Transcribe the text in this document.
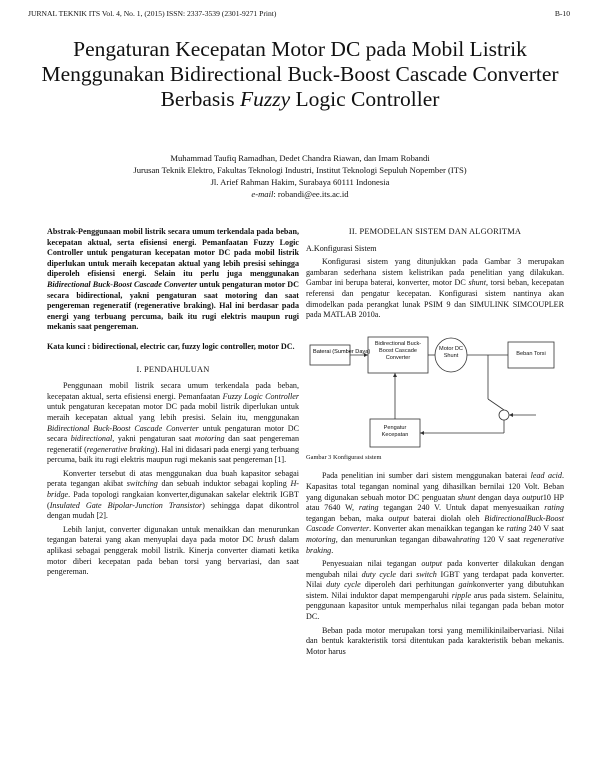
JURNAL TEKNIK ITS Vol. 4, No. 1, (2015) ISSN: 2337-3539 (2301-9271 Print)	B-10
Pengaturan Kecepatan Motor DC pada Mobil Listrik Menggunakan Bidirectional Buck-Boost Cascade Converter Berbasis Fuzzy Logic Controller
Muhammad Taufiq Ramadhan, Dedet Chandra Riawan, dan Imam Robandi
Jurusan Teknik Elektro, Fakultas Teknologi Industri, Institut Teknologi Sepuluh Nopember (ITS)
Jl. Arief Rahman Hakim, Surabaya 60111 Indonesia
e-mail: robandi@ee.its.ac.id

Abstrak-Penggunaan mobil listrik secara umum terkendala pada beban, kecepatan aktual, serta efisiensi energi. Pemanfaatan Fuzzy Logic Controller untuk pengaturan kecepatan motor DC pada mobil listrik diperlukan untuk meraih kecepatan aktual yang lebih presisi sehingga diperoleh efisiensi energi. Selain itu perlu juga menggunakan Bidirectional Buck-Boost Cascade Converter untuk pengaturan motor DC secara bidirectional, yakni pengaturan saat motoring dan saat pengereman regeneratif (regenerative braking). Hal ini berdasar pada energi yang terbuang percuma, baik itu rugi elektris maupun rugi mekanis saat pengereman.

Kata kunci : bidirectional, electric car, fuzzy logic controller, motor DC.

I. PENDAHULUAN

Penggunaan mobil listrik secara umum terkendala pada beban, kecepatan aktual, serta efisiensi energi. Pemanfaatan Fuzzy Logic Controller untuk pengaturan kecepatan motor DC pada mobil listrik diperlukan untuk meraih kecepatan aktual yang lebih presisi. Selain itu, menggunakan Bidirectional Buck-Boost Cascade Converter untuk pengaturan motor DC secara bidirectional, yakni pengaturan saat motoring dan saat pengereman regeneratif (regenerative braking). Hal ini didasari pada energi yang terbuang percuma, baik itu rugi elektris maupun rugi mekanis saat pengereman [1].

Konverter tersebut di atas menggunakan dua buah kapasitor sebagai perata tegangan akibat switching dan sebuah induktor sebagai kopling H-bridge. Pada topologi rangkaian konverter,digunakan sakelar elektrik IGBT (Insulated Gate Bipolar-Junction Transistor) sehingga dapat dikontrol dengan mudah [2].

Lebih lanjut, converter digunakan untuk menaikkan dan menurunkan tegangan baterai yang akan menyuplai daya pada motor DC brush dalam aplikasi sebagai penggerak mobil listrik. Kinerja converter diamati ketika motor diberi kecepatan pada beban torsi yang bervariasi, dan saat pengereman.

II. PEMODELAN SISTEM DAN ALGORITMA
A.Konfigurasi Sistem

Konfigurasi sistem yang ditunjukkan pada Gambar 3 merupakan gambaran sederhana sistem kelistrikan pada penelitian yang dilakukan. Gambar ini berupa baterai, konverter, motor DC shunt, torsi beban, kecepatan referensi dan pengatur kecepatan. Konfigurasi sistem nantinya akan dimodelkan pada perangkat lunak PSIM 9 dan SIMULINK SIMCOUPLER pada MATLAB 2010a.

Baterai (Sumber Daya)
Bidirectional Buck-Boost Cascade Converter
Motor DC Shunt	Beban Torsi
Pengatur Kecepatan
Gambar 3 Konfigurasi sistem

Pada penelitian ini sumber dari sistem menggunakan baterai lead acid. Kapasitas total tegangan nominal yang dihasilkan bernilai 120 Volt. Beban yang digunakan sebuah motor DC penguatan shunt dengan daya output10 HP atau 7640 W, rating tegangan 240 V. Untuk dapat menyesuaikan rating tegangan beban, maka output baterai diolah oleh BidirectionalBuck-Boost Cascade Converter. Konverter akan menaikkan tegangan ke rating 240 V saat motoring, dan menurunkan tegangan dibawahrating 120 V saat regenerative braking.

Penyesuaian nilai tegangan output pada konverter dilakukan dengan mengubah nilai duty cycle dari switch IGBT yang terdapat pada konverter. Nilai duty cycle diperoleh dari perhitungan gainkonverter yang dibutuhkan sistem. Nilai induktor dapat mempengaruhi ripple arus pada sistem. Selainitu, penggunaan kapasitor untuk memperhalus nilai tegangan pada beban motor DC.

Beban pada motor merupakan torsi yang memilikinilaibervariasi. Nilai dan bentuk karakteristik torsi ditentukan pada karakteristik beban mekanis. Motor harus
